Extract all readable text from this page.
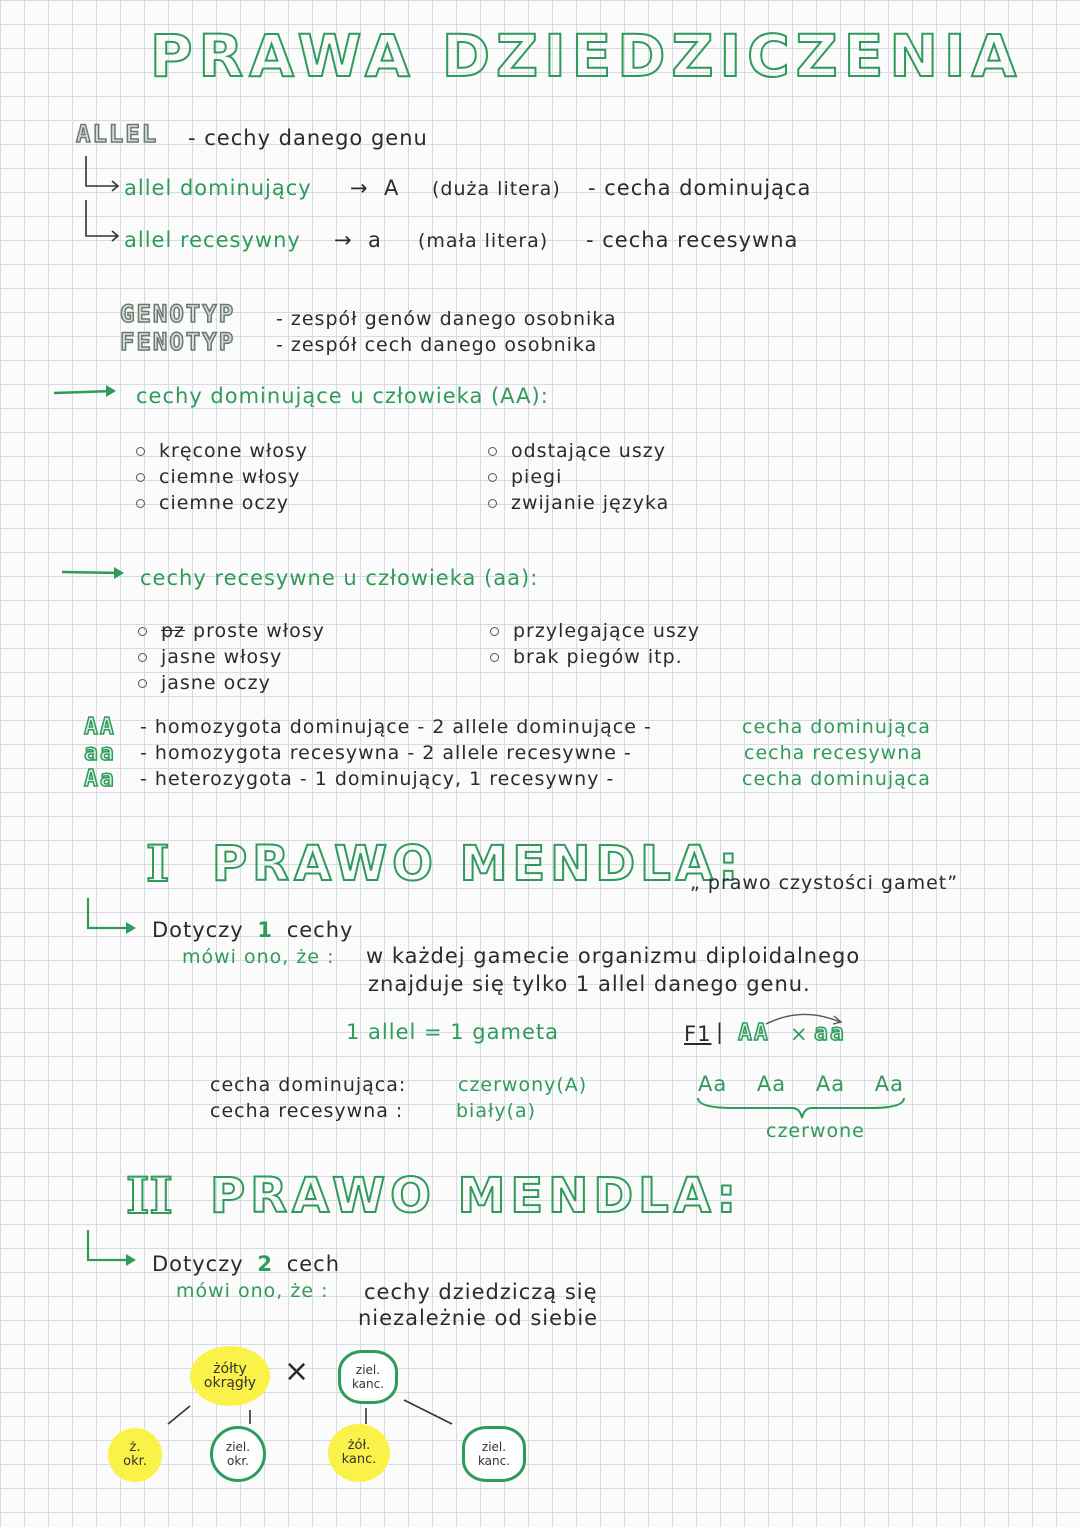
PRAWA DZIEDZICZENIA
ALLEL - cechy danego genu
allel dominujący → A (duża litera) - cecha dominująca
allel recesywny → a (mała litera) - cecha recesywna
GENOTYP - zespół genów danego osobnika
FENOTYP - zespół cech danego osobnika
cechy dominujące u człowieka (AA):
kręcone włosy
ciemne włosy
ciemne oczy
odstające uszy
piegi
zwijanie języka
cechy recesywne u człowieka (aa):
pz proste włosy
jasne włosy
jasne oczy
przylegające uszy
brak piegów itp.
AA - homozygota dominujące - 2 allele dominujące -	cecha dominująca
aa - homozygota recesywna - 2 allele recesywne -	cecha recesywna
Aa - heterozygota - 1 dominujący, 1 recesywny -	cecha dominująca
I PRAWO MENDLA:
„ prawo czystości gamet”
Dotyczy 1 cechy
mówi ono, że : w każdej gamecie organizmu diploidalnego
znajduje się tylko 1 allel danego genu.
1 allel = 1 gameta
cecha dominująca:	czerwony(A)
cecha recesywna :	biały(a)
F1 | AA × aa
Aa Aa Aa Aa
czerwone
II PRAWO MENDLA:
Dotyczy 2 cech
mówi ono, że : cechy dziedziczą się
niezależnie od siebie
żółty okrągły ×	ziel. kanc.
ż. okr.
ziel. okr.
żół. kanc.
ziel. kanc.
